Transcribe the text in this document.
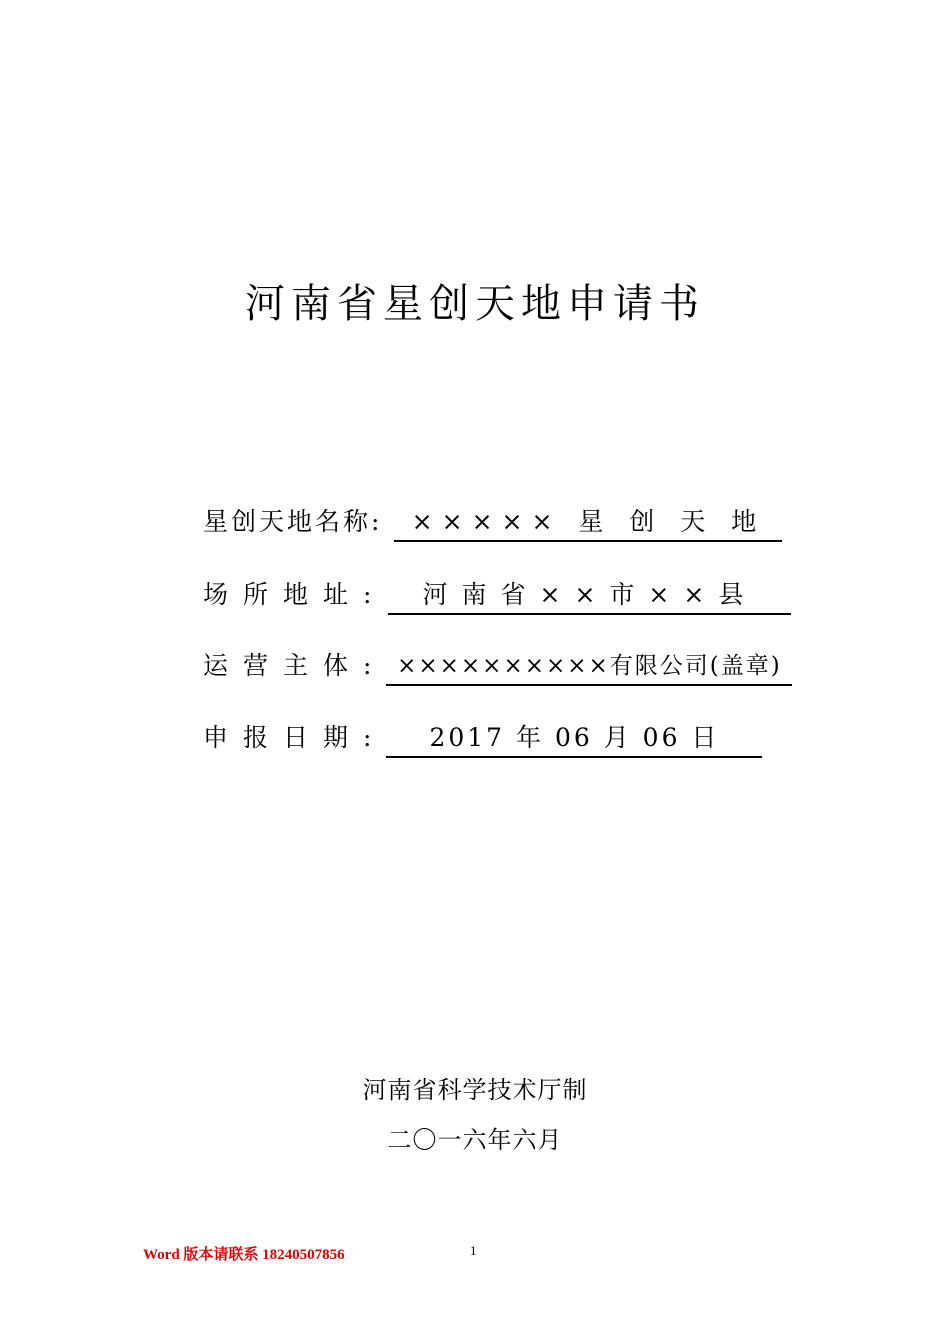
河南省星创天地申请书
星创天地名称:	××××× 星 创 天 地
场所地址:	河南省××市××县
运营主体: ××××××××××有限公司(盖章)
申报日期:	2017 年 06 月 06 日
河南省科学技术厅制
二〇一六年六月
Word 版本请联系 18240507856	1
